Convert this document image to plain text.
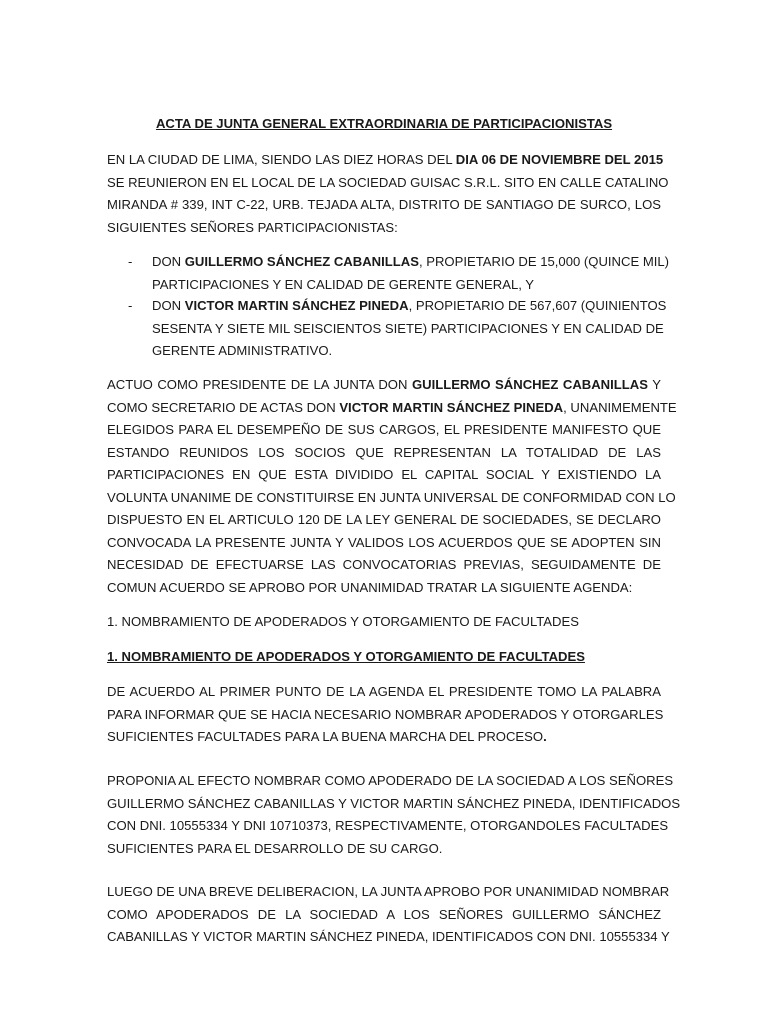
ACTA DE JUNTA GENERAL EXTRAORDINARIA DE PARTICIPACIONISTAS
EN LA CIUDAD DE LIMA, SIENDO LAS DIEZ HORAS DEL DIA 06 DE NOVIEMBRE DEL 2015
SE REUNIERON EN EL LOCAL DE LA SOCIEDAD GUISAC S.R.L. SITO EN CALLE CATALINO
MIRANDA # 339, INT C-22, URB. TEJADA ALTA, DISTRITO DE SANTIAGO DE SURCO, LOS
SIGUIENTES SEÑORES PARTICIPACIONISTAS:
-	DON GUILLERMO SÁNCHEZ CABANILLAS, PROPIETARIO DE 15,000 (QUINCE MIL)
PARTICIPACIONES Y EN CALIDAD DE GERENTE GENERAL, Y
-	DON VICTOR MARTIN SÁNCHEZ PINEDA, PROPIETARIO DE 567,607 (QUINIENTOS
SESENTA Y SIETE MIL SEISCIENTOS SIETE) PARTICIPACIONES Y EN CALIDAD DE
GERENTE ADMINISTRATIVO.
ACTUO COMO PRESIDENTE DE LA JUNTA DON GUILLERMO SÁNCHEZ CABANILLAS Y
COMO SECRETARIO DE ACTAS DON VICTOR MARTIN SÁNCHEZ PINEDA, UNANIMEMENTE
ELEGIDOS PARA EL DESEMPEÑO DE SUS CARGOS, EL PRESIDENTE MANIFESTO QUE
ESTANDO REUNIDOS LOS SOCIOS QUE REPRESENTAN LA TOTALIDAD DE LAS
PARTICIPACIONES EN QUE ESTA DIVIDIDO EL CAPITAL SOCIAL Y EXISTIENDO LA
VOLUNTA UNANIME DE CONSTITUIRSE EN JUNTA UNIVERSAL DE CONFORMIDAD CON LO
DISPUESTO EN EL ARTICULO 120 DE LA LEY GENERAL DE SOCIEDADES, SE DECLARO
CONVOCADA LA PRESENTE JUNTA Y VALIDOS LOS ACUERDOS QUE SE ADOPTEN SIN
NECESIDAD DE EFECTUARSE LAS CONVOCATORIAS PREVIAS, SEGUIDAMENTE DE
COMUN ACUERDO SE APROBO POR UNANIMIDAD TRATAR LA SIGUIENTE AGENDA:
1. NOMBRAMIENTO DE APODERADOS Y OTORGAMIENTO DE FACULTADES
1. NOMBRAMIENTO DE APODERADOS Y OTORGAMIENTO DE FACULTADES
DE ACUERDO AL PRIMER PUNTO DE LA AGENDA EL PRESIDENTE TOMO LA PALABRA
PARA INFORMAR QUE SE HACIA NECESARIO NOMBRAR APODERADOS Y OTORGARLES
SUFICIENTES FACULTADES PARA LA BUENA MARCHA DEL PROCESO.
PROPONIA AL EFECTO NOMBRAR COMO APODERADO DE LA SOCIEDAD A LOS SEÑORES
GUILLERMO SÁNCHEZ CABANILLAS Y VICTOR MARTIN SÁNCHEZ PINEDA, IDENTIFICADOS
CON DNI. 10555334 Y DNI 10710373, RESPECTIVAMENTE, OTORGANDOLES FACULTADES
SUFICIENTES PARA EL DESARROLLO DE SU CARGO.
LUEGO DE UNA BREVE DELIBERACION, LA JUNTA APROBO POR UNANIMIDAD NOMBRAR
COMO APODERADOS DE LA SOCIEDAD A LOS SEÑORES GUILLERMO SÁNCHEZ
CABANILLAS Y VICTOR MARTIN SÁNCHEZ PINEDA, IDENTIFICADOS CON DNI. 10555334 Y
